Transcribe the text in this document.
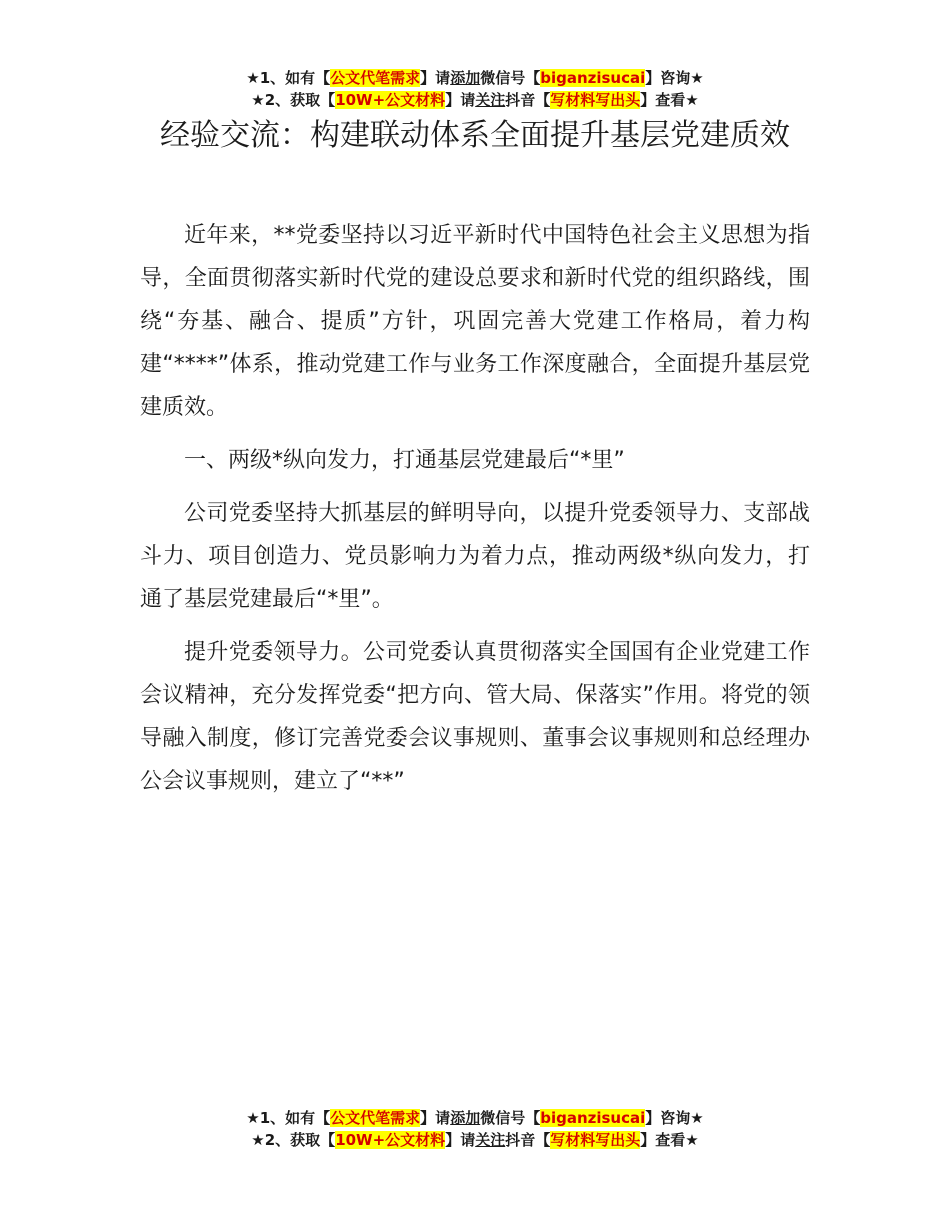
★1、如有【公文代笔需求】请添加微信号【biganzisucai】咨询★
★2、获取【10W+公文材料】请关注抖音【写材料写出头】查看★
经验交流：构建联动体系全面提升基层党建质效

近年来，**党委坚持以习近平新时代中国特色社会主义思想为指导，全面贯彻落实新时代党的建设总要求和新时代党的组织路线，围绕“夯基、融合、提质”方针，巩固完善大党建工作格局，着力构建“****”体系，推动党建工作与业务工作深度融合，全面提升基层党建质效。

一、两级*纵向发力，打通基层党建最后“*里”

公司党委坚持大抓基层的鲜明导向，以提升党委领导力、支部战斗力、项目创造力、党员影响力为着力点，推动两级*纵向发力，打通了基层党建最后“*里”。

提升党委领导力。公司党委认真贯彻落实全国国有企业党建工作会议精神，充分发挥党委“把方向、管大局、保落实”作用。将党的领导融入制度，修订完善党委会议事规则、董事会议事规则和总经理办公会议事规则，建立了“**”

★1、如有【公文代笔需求】请添加微信号【biganzisucai】咨询★
★2、获取【10W+公文材料】请关注抖音【写材料写出头】查看★
